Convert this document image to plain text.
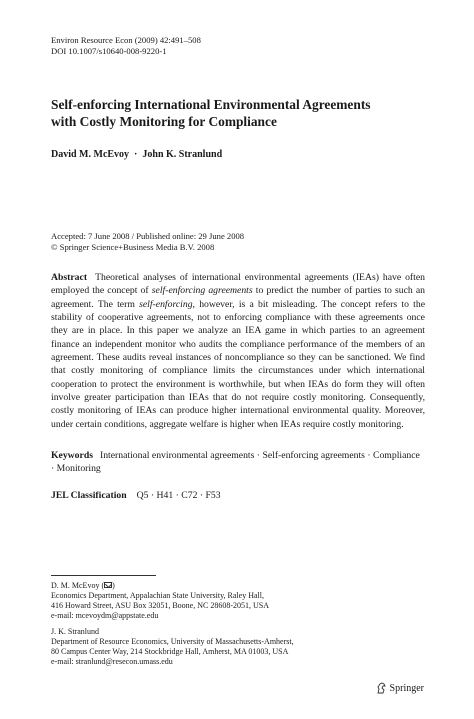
Environ Resource Econ (2009) 42:491–508
DOI 10.1007/s10640-008-9220-1
Self-enforcing International Environmental Agreements
with Costly Monitoring for Compliance
David M. McEvoy · John K. Stranlund
Accepted: 7 June 2008 / Published online: 29 June 2008
© Springer Science+Business Media B.V. 2008
Abstract Theoretical analyses of international environmental agreements (IEAs) have often employed the concept of self-enforcing agreements to predict the number of parties to such an agreement. The term self-enforcing, however, is a bit misleading. The concept refers to the stability of cooperative agreements, not to enforcing compliance with these agreements once they are in place. In this paper we analyze an IEA game in which parties to an agreement finance an independent monitor who audits the compliance performance of the members of an agreement. These audits reveal instances of noncompliance so they can be sanctioned. We find that costly monitoring of compliance limits the circumstances under which international cooperation to protect the environment is worthwhile, but when IEAs do form they will often involve greater participation than IEAs that do not require costly monitoring. Consequently, costly monitoring of IEAs can produce higher international environmental quality. Moreover, under certain conditions, aggregate welfare is higher when IEAs require costly monitoring.
Keywords International environmental agreements · Self-enforcing agreements · Compliance · Monitoring
JEL Classification Q5 · H41 · C72 · F53
D. M. McEvoy ( )
Economics Department, Appalachian State University, Raley Hall,
416 Howard Street, ASU Box 32051, Boone, NC 28608-2051, USA
e-mail: mcevoydm@appstate.edu
J. K. Stranlund
Department of Resource Economics, University of Massachusetts-Amherst,
80 Campus Center Way, 214 Stockbridge Hall, Amherst, MA 01003, USA
e-mail: stranlund@resecon.umass.edu
Springer
